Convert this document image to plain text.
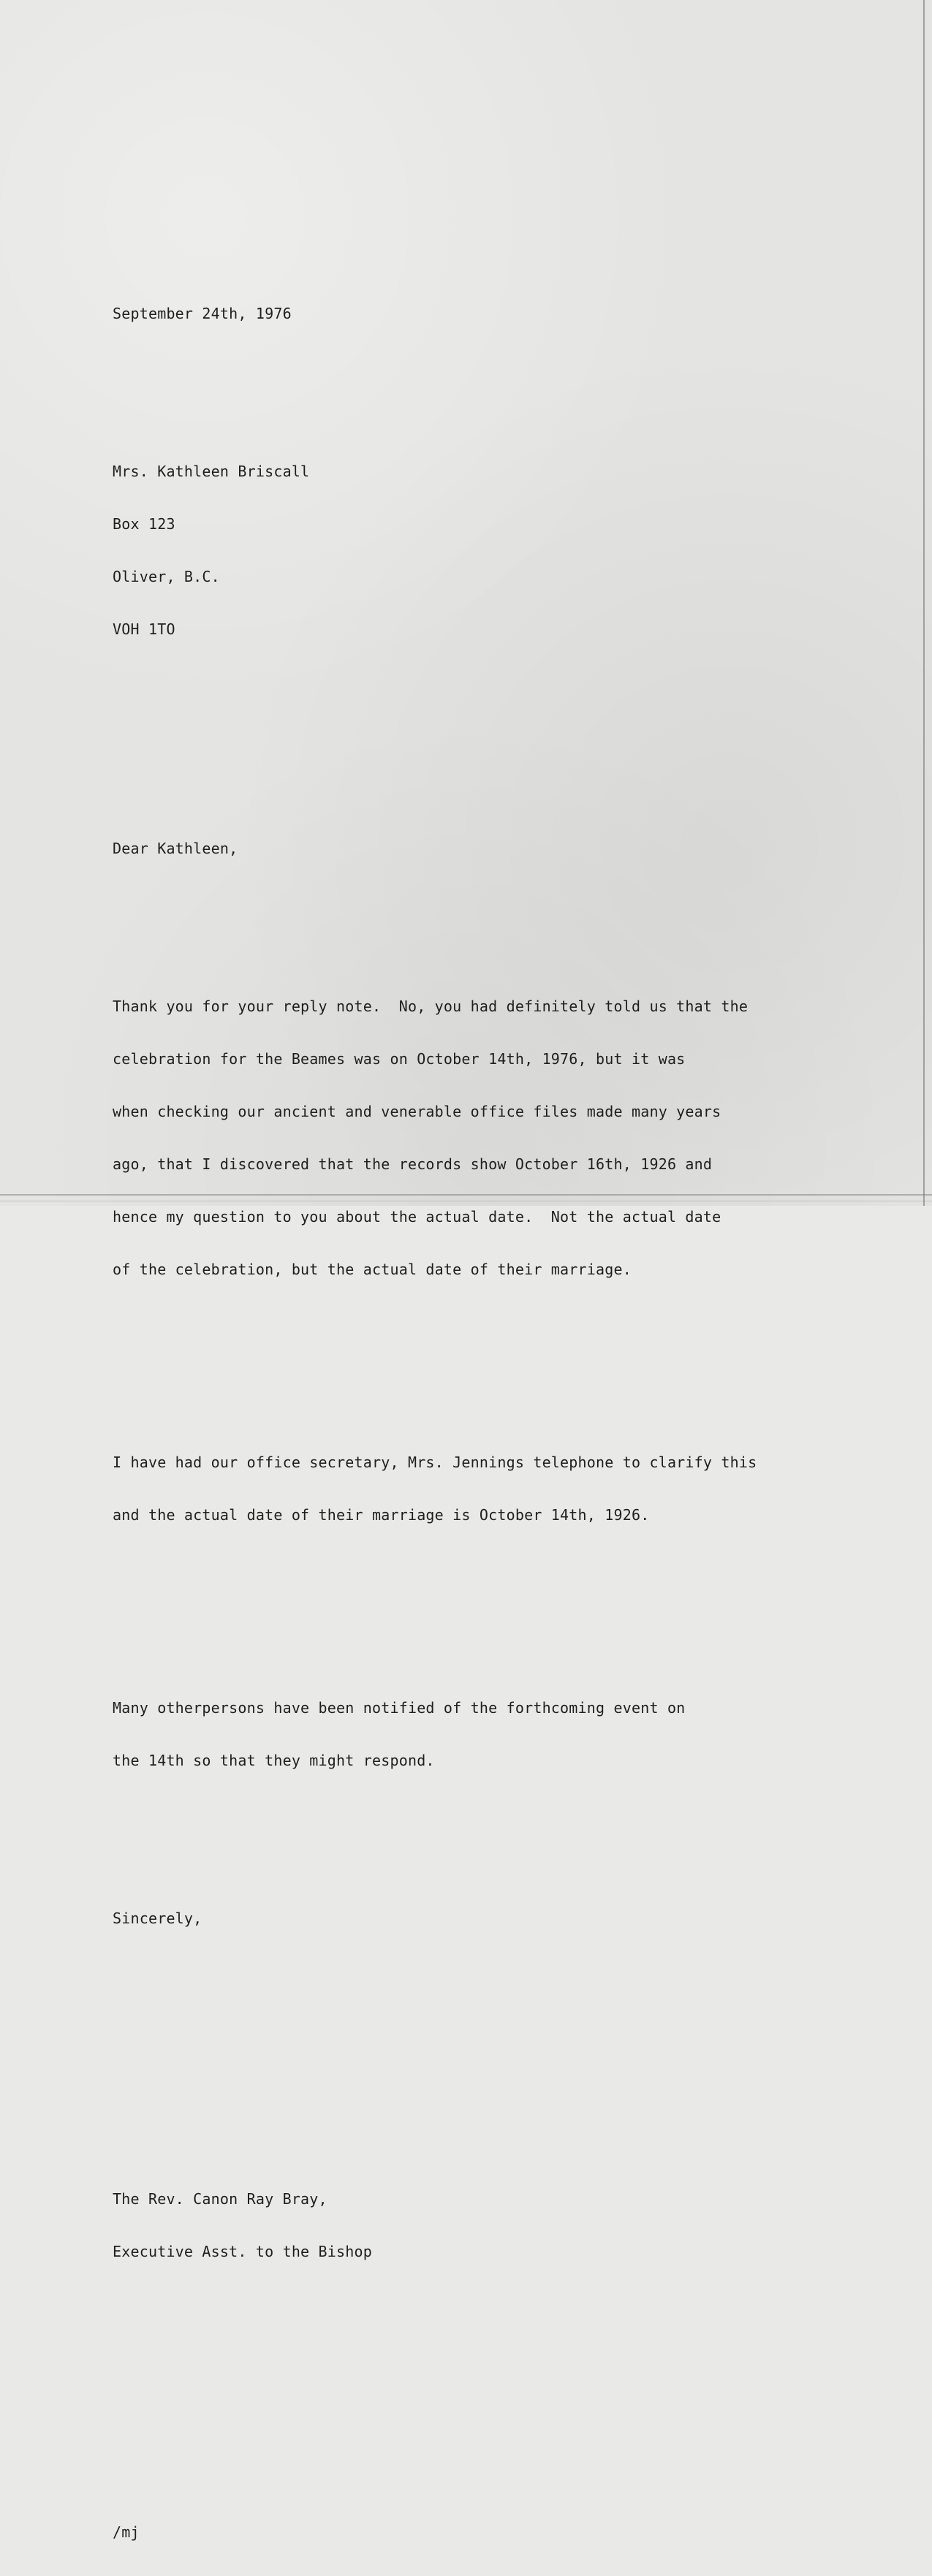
September 24th, 1976

Mrs. Kathleen Briscall

Box 123

Oliver, B.C.

VOH 1TO

Dear Kathleen,

Thank you for your reply note.  No, you had definitely told us that the

celebration for the Beames was on October 14th, 1976, but it was

when checking our ancient and venerable office files made many years

ago, that I discovered that the records show October 16th, 1926 and

hence my question to you about the actual date.  Not the actual date

of the celebration, but the actual date of their marriage.

I have had our office secretary, Mrs. Jennings telephone to clarify this

and the actual date of their marriage is October 14th, 1926.

Many otherpersons have been notified of the forthcoming event on

the 14th so that they might respond.

Sincerely,

The Rev. Canon Ray Bray,

Executive Asst. to the Bishop

/mj
